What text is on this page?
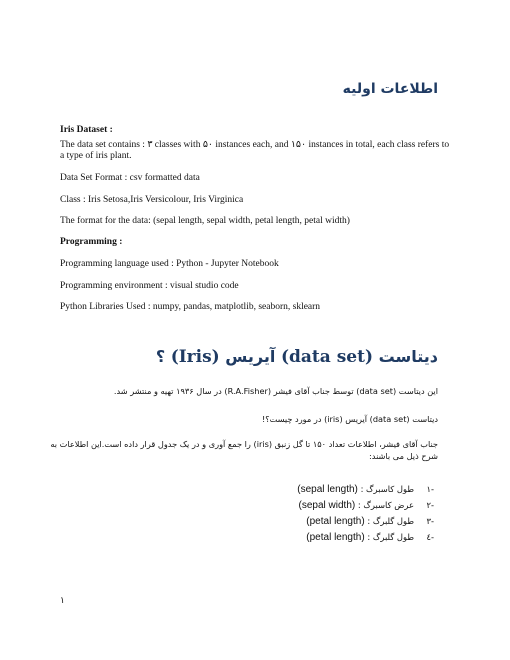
اطلاعات اولیه
Iris Dataset :
The data set contains : ۳ classes with ۵۰ instances each, and ۱۵۰ instances in total, each class refers to a type of iris plant.
Data Set Format : csv formatted data
Class : Iris Setosa,Iris Versicolour, Iris Virginica
The format for the data: (sepal length, sepal width, petal length, petal width)
Programming :
Programming language used : Python - Jupyter Notebook
Programming environment : visual studio code
Python Libraries Used : numpy, pandas, matplotlib, seaborn, sklearn
دیتاست (data set) آیریس (Iris) ؟
این دیتاست (data set) توسط جناب آقای فیشر (R.A.Fisher) در سال ۱۹۳۶ تهیه و منتشر شد.
دیتاست (data set) آیریس (iris) در مورد چیست؟!
جناب آقای فیشر، اطلاعات تعداد ۱۵۰ تا گل زنبق (iris) را جمع آوری و در یک جدول قرار داده است.این اطلاعات به شرح ذیل می باشند:
-۱طول کاسبرگ : (sepal length)
-۲عرض کاسبرگ : (sepal width)
-۳طول گلبرگ : (petal length)
-٤طول گلبرگ : (petal length)
۱
